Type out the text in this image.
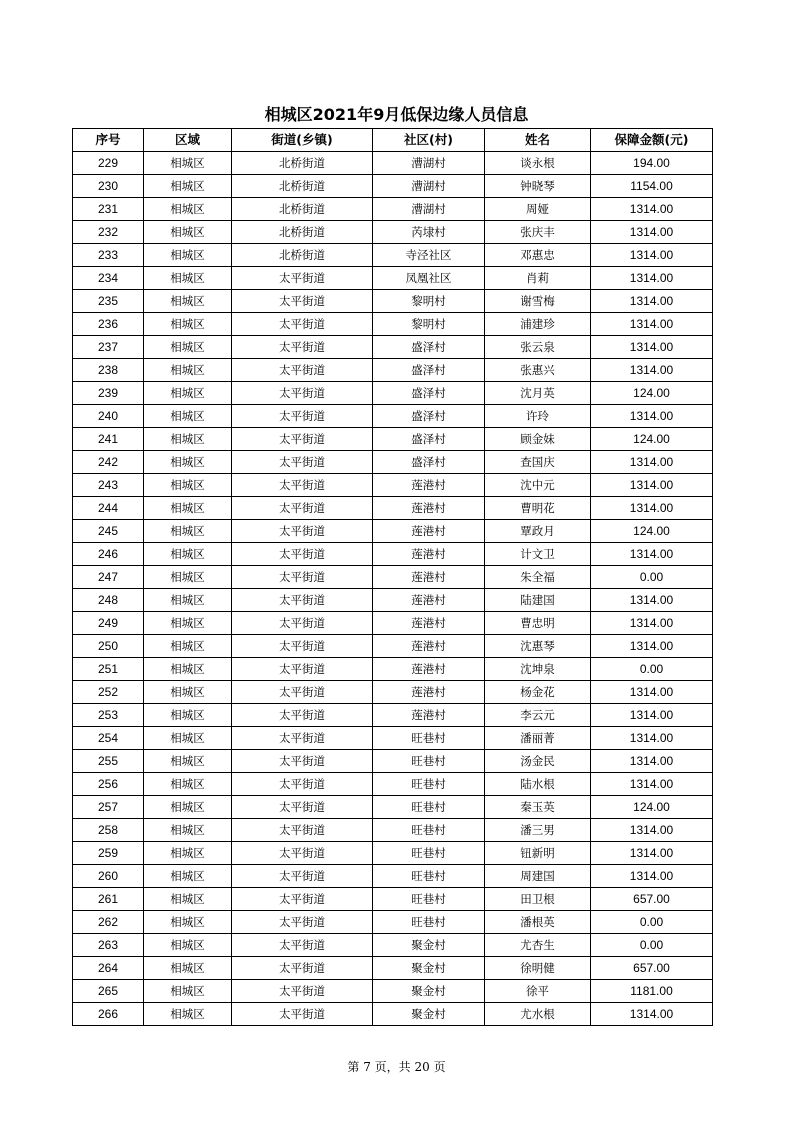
相城区2021年9月低保边缘人员信息
序号	区域	街道(乡镇)	社区(村)	姓名	保障金额(元)
229	相城区	北桥街道	漕湖村	谈永根	194.00
230	相城区	北桥街道	漕湖村	钟晓琴	1154.00
231	相城区	北桥街道	漕湖村	周娅	1314.00
232	相城区	北桥街道	芮埭村	张庆丰	1314.00
233	相城区	北桥街道	寺泾社区	邓惠忠	1314.00
234	相城区	太平街道	凤凰社区	肖莉	1314.00
235	相城区	太平街道	黎明村	谢雪梅	1314.00
236	相城区	太平街道	黎明村	浦建珍	1314.00
237	相城区	太平街道	盛泽村	张云泉	1314.00
238	相城区	太平街道	盛泽村	张惠兴	1314.00
239	相城区	太平街道	盛泽村	沈月英	124.00
240	相城区	太平街道	盛泽村	许玲	1314.00
241	相城区	太平街道	盛泽村	顾金妹	124.00
242	相城区	太平街道	盛泽村	查国庆	1314.00
243	相城区	太平街道	莲港村	沈中元	1314.00
244	相城区	太平街道	莲港村	曹明花	1314.00
245	相城区	太平街道	莲港村	覃政月	124.00
246	相城区	太平街道	莲港村	计文卫	1314.00
247	相城区	太平街道	莲港村	朱全福	0.00
248	相城区	太平街道	莲港村	陆建国	1314.00
249	相城区	太平街道	莲港村	曹忠明	1314.00
250	相城区	太平街道	莲港村	沈惠琴	1314.00
251	相城区	太平街道	莲港村	沈坤泉	0.00
252	相城区	太平街道	莲港村	杨金花	1314.00
253	相城区	太平街道	莲港村	李云元	1314.00
254	相城区	太平街道	旺巷村	潘丽菁	1314.00
255	相城区	太平街道	旺巷村	汤金民	1314.00
256	相城区	太平街道	旺巷村	陆水根	1314.00
257	相城区	太平街道	旺巷村	秦玉英	124.00
258	相城区	太平街道	旺巷村	潘三男	1314.00
259	相城区	太平街道	旺巷村	钮新明	1314.00
260	相城区	太平街道	旺巷村	周建国	1314.00
261	相城区	太平街道	旺巷村	田卫根	657.00
262	相城区	太平街道	旺巷村	潘根英	0.00
263	相城区	太平街道	聚金村	尤杏生	0.00
264	相城区	太平街道	聚金村	徐明健	657.00
265	相城区	太平街道	聚金村	徐平	1181.00
266	相城区	太平街道	聚金村	尤水根	1314.00
第 7 页，共 20 页
